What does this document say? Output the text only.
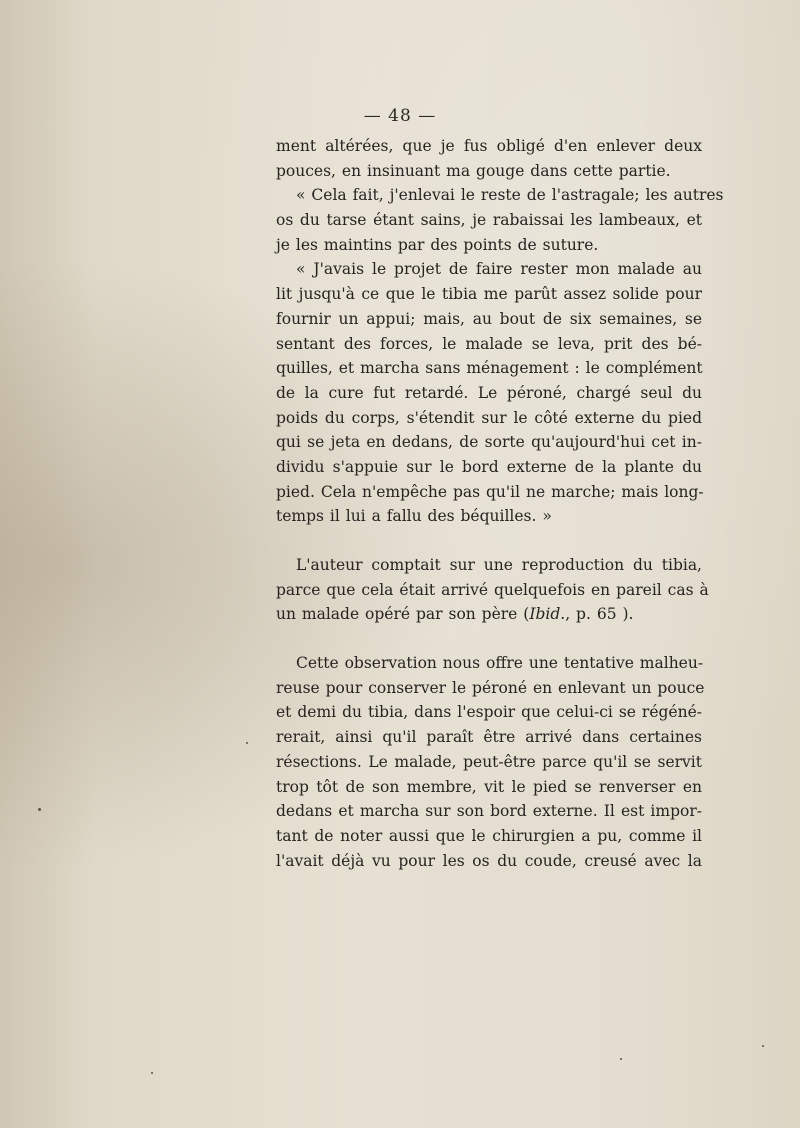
— 48 —
ment altérées, que je fus obligé d'en enlever deux
pouces, en insinuant ma gouge dans cette partie.
« Cela fait, j'enlevai le reste de l'astragale; les autres
os du tarse étant sains, je rabaissai les lambeaux, et
je les maintins par des points de suture.
« J'avais le projet de faire rester mon malade au
lit jusqu'à ce que le tibia me parût assez solide pour
fournir un appui; mais, au bout de six semaines, se
sentant des forces, le malade se leva, prit des bé-
quilles, et marcha sans ménagement : le complément
de la cure fut retardé. Le péroné, chargé seul du
poids du corps, s'étendit sur le côté externe du pied
qui se jeta en dedans, de sorte qu'aujourd'hui cet in-
dividu s'appuie sur le bord externe de la plante du
pied. Cela n'empêche pas qu'il ne marche; mais long-
temps il lui a fallu des béquilles. »
L'auteur comptait sur une reproduction du tibia,
parce que cela était arrivé quelquefois en pareil cas à
un malade opéré par son père ( Ibid. , p. 65 ).
Cette observation nous offre une tentative malheu-
reuse pour conserver le péroné en enlevant un pouce
et demi du tibia, dans l'espoir que celui-ci se régéné-
rerait, ainsi qu'il paraît être arrivé dans certaines
résections. Le malade, peut-être parce qu'il se servit
trop tôt de son membre, vit le pied se renverser en
dedans et marcha sur son bord externe. Il est impor-
tant de noter aussi que le chirurgien a pu, comme il
l'avait déjà vu pour les os du coude, creusé avec la
